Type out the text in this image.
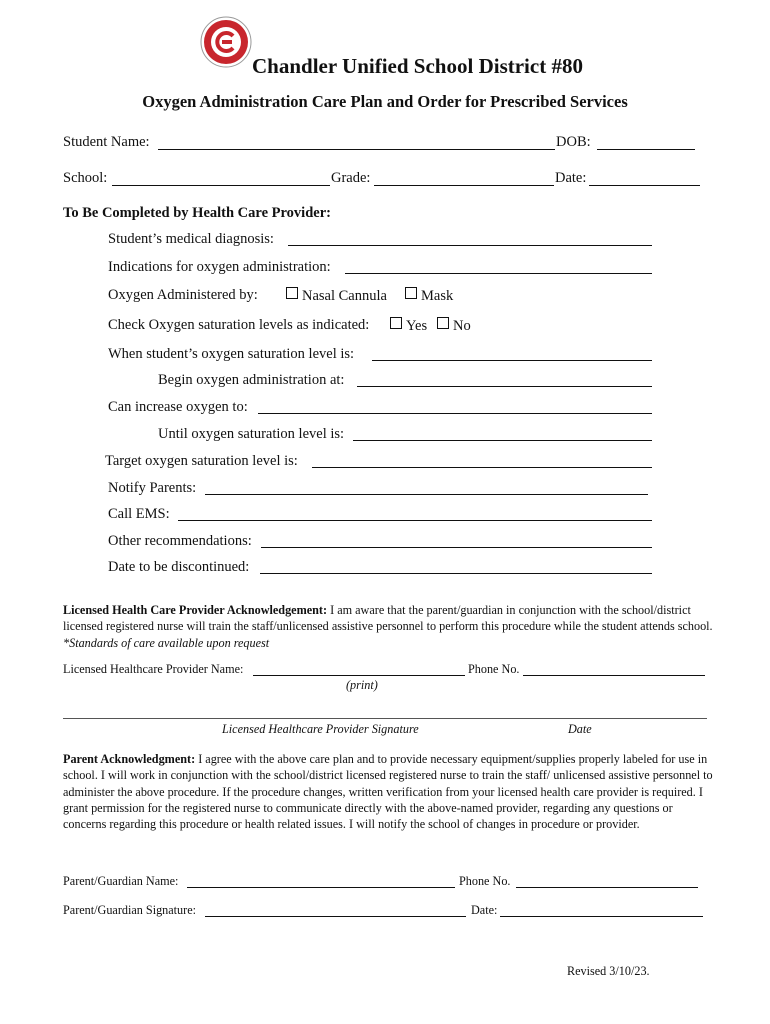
Chandler Unified School District #80
Oxygen Administration Care Plan and Order for Prescribed Services
Student Name:	DOB:
School:	Grade:	Date:
To Be Completed by Health Care Provider:
Student’s medical diagnosis:
Indications for oxygen administration:
Oxygen Administered by:	Nasal Cannula	Mask
Check Oxygen saturation levels as indicated:	Yes	No
When student’s oxygen saturation level is:
Begin oxygen administration at:
Can increase oxygen to:
Until oxygen saturation level is:
Target oxygen saturation level is:
Notify Parents:
Call EMS:
Other recommendations:
Date to be discontinued:
Licensed Health Care Provider Acknowledgement: I am aware that the parent/guardian in conjunction with the school/district licensed registered nurse will train the staff/unlicensed assistive personnel to perform this procedure while the student attends school. *Standards of care available upon request
Licensed Healthcare Provider Name:	Phone No.
(print)
Licensed Healthcare Provider Signature	Date
Parent Acknowledgment: I agree with the above care plan and to provide necessary equipment/supplies properly labeled for use in school. I will work in conjunction with the school/district licensed registered nurse to train the staff/ unlicensed assistive personnel to administer the above procedure. If the procedure changes, written verification from your licensed health care provider is required. I grant permission for the registered nurse to communicate directly with the above-named provider, regarding any questions or concerns regarding this procedure or health related issues. I will notify the school of changes in procedure or provider.
Parent/Guardian Name:	Phone No.
Parent/Guardian Signature:	Date:
Revised 3/10/23.
